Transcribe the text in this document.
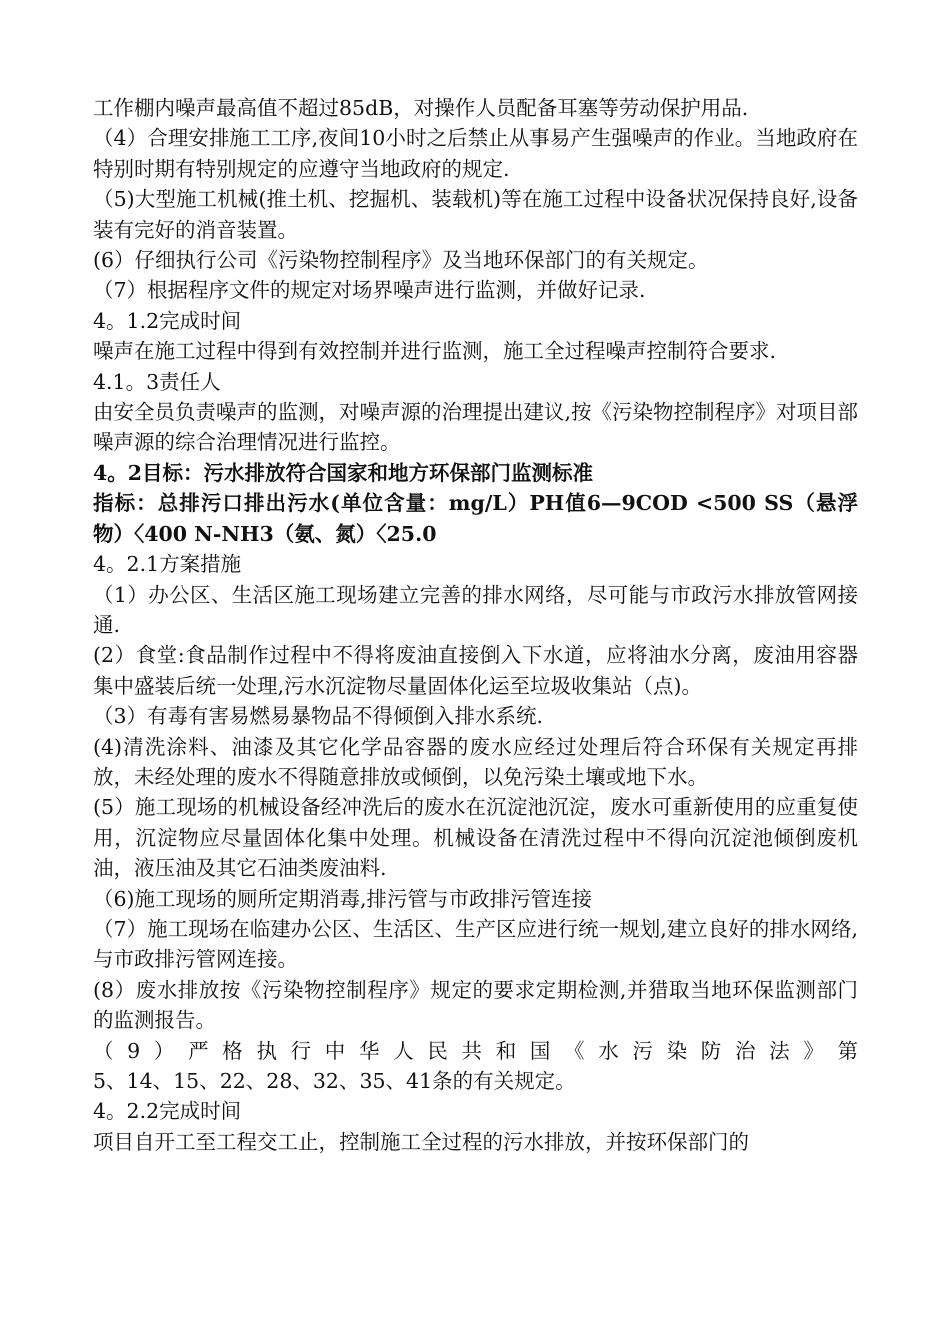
工作棚内噪声最高值不超过85dB，对操作人员配备耳塞等劳动保护用品.

（4）合理安排施工工序,夜间10小时之后禁止从事易产生强噪声的作业。当地政府在特别时期有特别规定的应遵守当地政府的规定.

（5)大型施工机械(推土机、挖掘机、装载机)等在施工过程中设备状况保持良好,设备装有完好的消音装置。

(6）仔细执行公司《污染物控制程序》及当地环保部门的有关规定。

（7）根据程序文件的规定对场界噪声进行监测，并做好记录.

4。1.2完成时间

噪声在施工过程中得到有效控制并进行监测，施工全过程噪声控制符合要求.

4.1。3责任人

由安全员负责噪声的监测，对噪声源的治理提出建议,按《污染物控制程序》对项目部噪声源的综合治理情况进行监控。

4。2目标：污水排放符合国家和地方环保部门监测标准

指标：总排污口排出污水(单位含量：mg/L）PH值6—9COD <500 SS（悬浮物）〈400 N-NH3（氨、氮）〈25.0

4。2.1方案措施

（1）办公区、生活区施工现场建立完善的排水网络，尽可能与市政污水排放管网接通.

(2）食堂:食品制作过程中不得将废油直接倒入下水道，应将油水分离，废油用容器集中盛装后统一处理,污水沉淀物尽量固体化运至垃圾收集站（点)。

（3）有毒有害易燃易暴物品不得倾倒入排水系统.

(4)清洗涂料、油漆及其它化学品容器的废水应经过处理后符合环保有关规定再排放，未经处理的废水不得随意排放或倾倒，以免污染土壤或地下水。

(5）施工现场的机械设备经冲洗后的废水在沉淀池沉淀，废水可重新使用的应重复使用，沉淀物应尽量固体化集中处理。机械设备在清洗过程中不得向沉淀池倾倒废机油，液压油及其它石油类废油料.

（6)施工现场的厕所定期消毒,排污管与市政排污管连接

（7）施工现场在临建办公区、生活区、生产区应进行统一规划,建立良好的排水网络,与市政排污管网连接。

(8）废水排放按《污染物控制程序》规定的要求定期检测,并猎取当地环保监测部门的监测报告。

（9）严格执行中华人民共和国《水污染防治法》第

5、14、15、22、28、32、35、41条的有关规定。

4。2.2完成时间

项目自开工至工程交工止，控制施工全过程的污水排放，并按环保部门的
